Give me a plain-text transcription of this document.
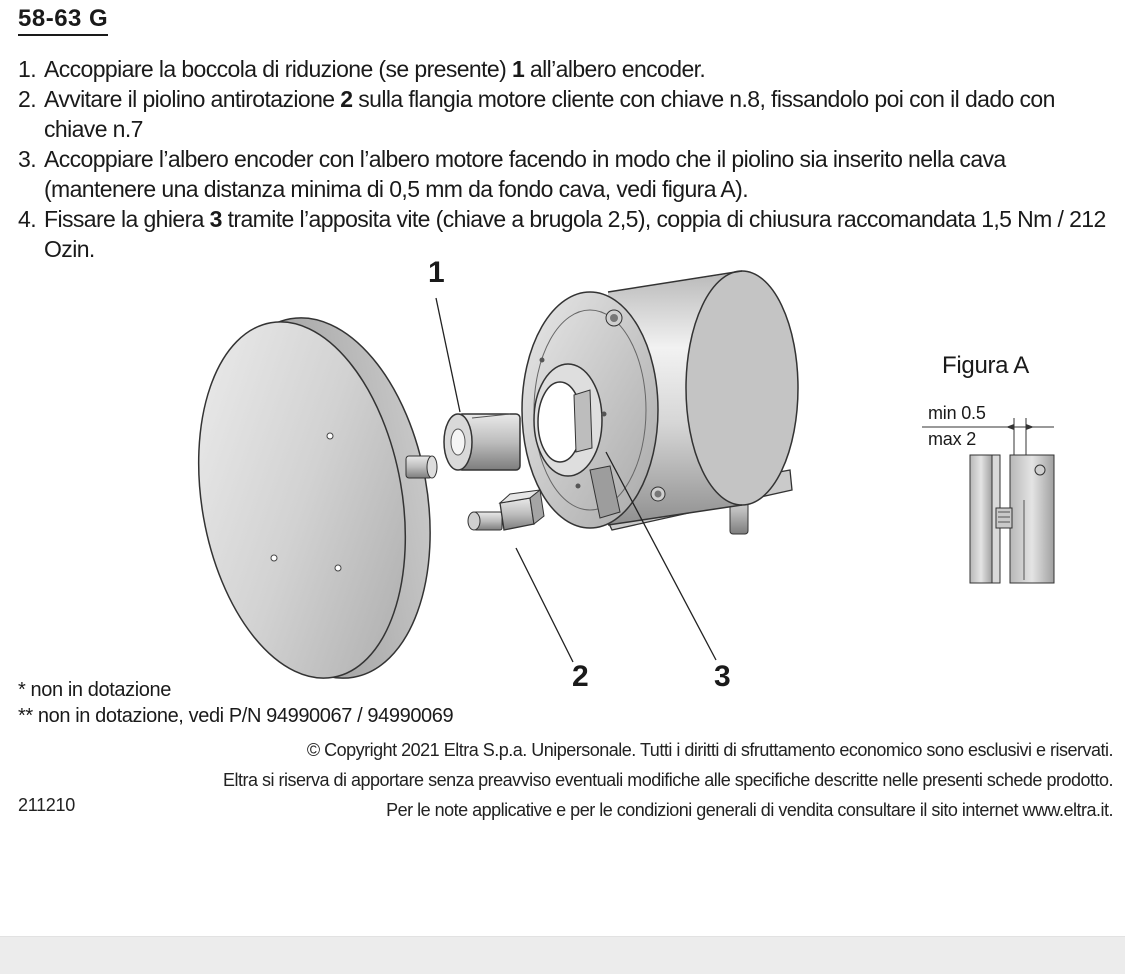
58-63 G
1. Accoppiare la boccola di riduzione (se presente) 1 all’albero encoder.
2. Avvitare il piolino antirotazione 2 sulla flangia motore cliente con chiave n.8, fissandolo poi con il dado con chiave n.7
3. Accoppiare l’albero encoder con l’albero motore facendo in modo che il piolino sia inserito nella cava (mantenere una distanza minima di 0,5 mm da fondo cava, vedi figura A).
4. Fissare la ghiera 3 tramite l’apposita vite (chiave a brugola 2,5), coppia di chiusura raccomandata 1,5 Nm / 212 Ozin.
1
2	3
Figura A
min 0.5
max 2
* non in dotazione
** non in dotazione, vedi P/N 94990067 / 94990069
© Copyright 2021 Eltra S.p.a. Unipersonale. Tutti i diritti di sfruttamento economico sono esclusivi e riservati.
Eltra si riserva di apportare senza preavviso eventuali modifiche alle specifiche descritte nelle presenti schede prodotto.
Per le note applicative e per le condizioni generali di vendita consultare il sito internet www.eltra.it.
211210
